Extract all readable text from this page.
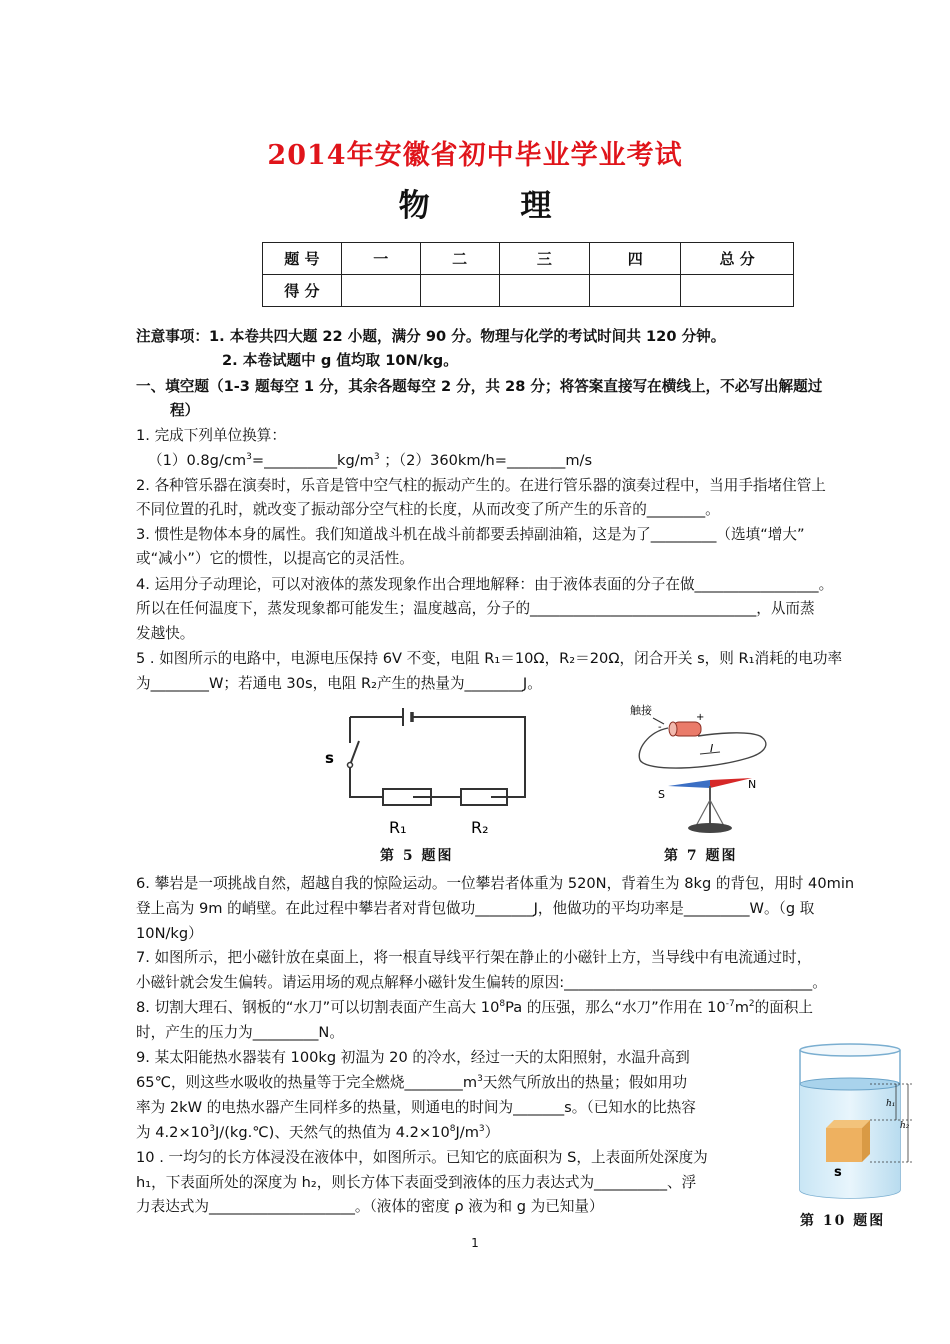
2014年安徽省初中毕业学业考试
物 理
题 号	一	二	三	四	总 分
得 分					
注意事项：1. 本卷共四大题 22 小题，满分 90 分。物理与化学的考试时间共 120 分钟。
2. 本卷试题中 g 值均取 10N/kg。
一、填空题（1-3 题每空 1 分，其余各题每空 2 分，共 28 分；将答案直接写在横线上，不必写出解题过
程）
1. 完成下列单位换算：
$(1)0.8g/cm^3=\_\_\_\_\_\_\_\_\_\_kg/m^3$ ；（2）360km/h=________m/s
2. 各种管乐器在演奏时，乐音是管中空气柱的振动产生的。在进行管乐器的演奏过程中，当用手指堵住管上
不同位置的孔时，就改变了振动部分空气柱的长度，从而改变了所产生的乐音的________。
3. 惯性是物体本身的属性。我们知道战斗机在战斗前都要丢掉副油箱，这是为了_________（选填“增大”
或“减小”）它的惯性，以提高它的灵活性。
4. 运用分子动理论，可以对液体的蒸发现象作出合理地解释：由于液体表面的分子在做_________________。
所以在任何温度下，蒸发现象都可能发生；温度越高，分子的_______________________________，从而蒸
发越快。
5 . 如图所示的电路中，电源电压保持 6V 不变，电阻 R₁＝10Ω，R₂＝20Ω，闭合开关 s，则 R₁消耗的电功率
为________W；若通电 30s，电阻 R₂产生的热量为________J。
s
R₁	R₂
第 5 题图
触接
+
-
I
S
N
第 7 题图
6. 攀岩是一项挑战自然，超越自我的惊险运动。一位攀岩者体重为 520N，背着生为 8kg 的背包，用时 40min
登上高为 9m 的峭壁。在此过程中攀岩者对背包做功________J，他做功的平均功率是_________W。（g 取
10N/kg）
7. 如图所示，把小磁针放在桌面上，将一根直导线平行架在静止的小磁针上方，当导线中有电流通过时，
小磁针就会发生偏转。请运用场的观点解释小磁针发生偏转的原因:__________________________________。
8. 切割大理石、钢板的“水刀”可以切割表面产生高大 $10^8Pa$ 的压强，那么“水刀”作用在 $10^{-7}m^2$的面积上
时，产生的压力为_________N。
9. 某太阳能热水器装有 100kg 初温为 20 的冷水，经过一天的太阳照射，水温升高到
65℃，则这些水吸收的热量等于完全燃烧$\_\_\_\_\_\_\_\_m^3$天然气所放出的热量；假如用功
率为 2kW 的电热水器产生同样多的热量，则通电的时间为_______s。（已知水的比热容
为 $4.2\times 10^3J/(kg.℃)$、天然气的热值为 $4.2\times 10^8J/m^3$）
10 . 一均匀的长方体浸没在液体中，如图所示。已知它的底面积为 S，上表面所处深度为
h₁，下表面所处的深度为 h₂，则长方体下表面受到液体的压力表达式为__________、浮
力表达式为____________________。（液体的密度 ρ 液为和 g 为已知量）
s
h₁
h₂
第 10 题图
1
